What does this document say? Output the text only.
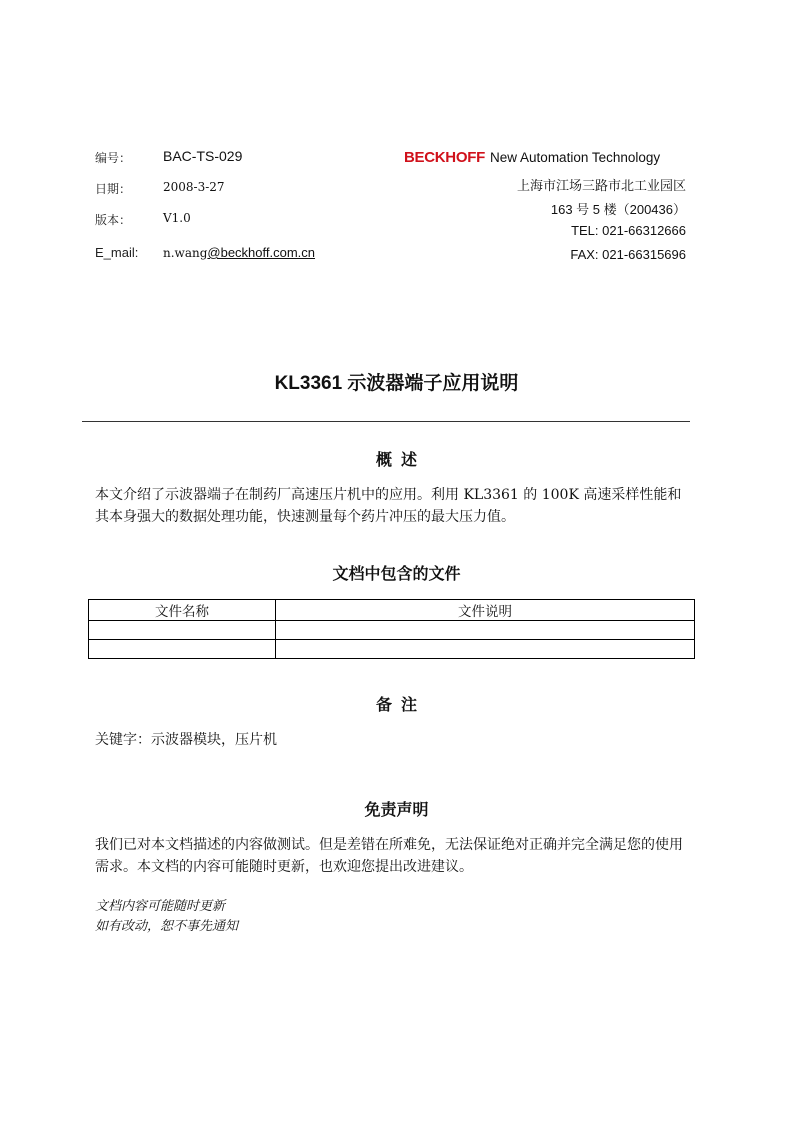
编号： BAC-TS-029
日期：	2008-3-27
版本：	V1.0
E_mail: n.wang@beckhoff.com.cn
BECKHOFF New Automation Technology
上海市江场三路市北工业园区
163 号 5 楼（200436）
TEL: 021-66312666
FAX: 021-66315696
KL3361 示波器端子应用说明
概  述
本文介绍了示波器端子在制药厂高速压片机中的应用。利用 KL3361 的 100K 高速采样性能和其本身强大的数据处理功能，快速测量每个药片冲压的最大压力值。
文档中包含的文件
文件名称	文件说明

备  注
关键字：示波器模块，压片机
免责声明
我们已对本文档描述的内容做测试。但是差错在所难免，无法保证绝对正确并完全满足您的使用需求。本文档的内容可能随时更新，也欢迎您提出改进建议。
文档内容可能随时更新
如有改动，恕不事先通知
